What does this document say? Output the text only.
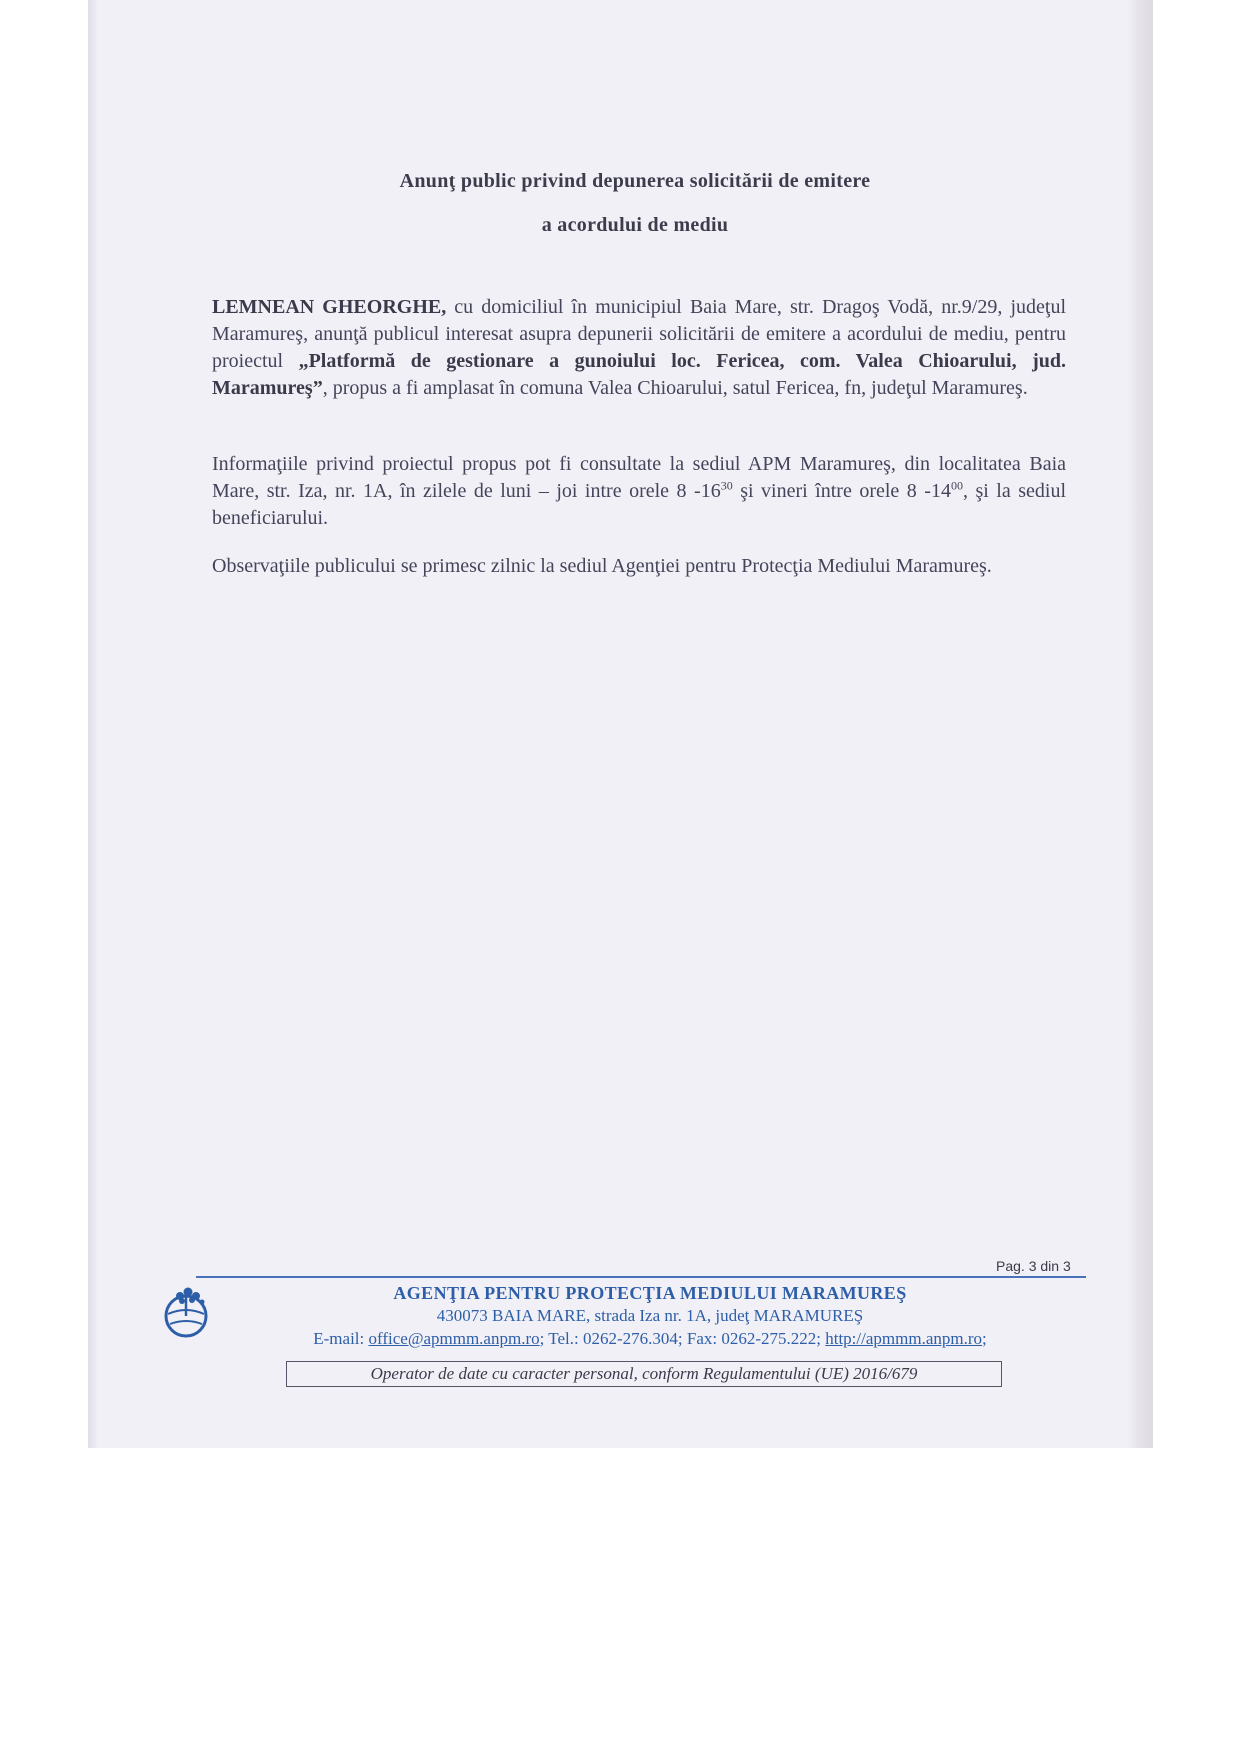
Anunţ public privind depunerea solicitării de emitere
a acordului de mediu
LEMNEAN GHEORGHE, cu domiciliul în municipiul Baia Mare, str. Dragoş Vodă, nr.9/29, judeţul Maramureş, anunţă publicul interesat asupra depunerii solicitării de emitere a acordului de mediu, pentru proiectul „Platformă de gestionare a gunoiului loc. Fericea, com. Valea Chioarului, jud. Maramureş”, propus a fi amplasat în comuna Valea Chioarului, satul Fericea, fn, judeţul Maramureş.
Informaţiile privind proiectul propus pot fi consultate la sediul APM Maramureş, din localitatea Baia Mare, str. Iza, nr. 1A, în zilele de luni – joi intre orele 8 $-16^{30}$ şi vineri între orele 8 $-14^{00}$, şi la sediul beneficiarului.
Observaţiile publicului se primesc zilnic la sediul Agenţiei pentru Protecţia Mediului Maramureş.
Pag. 3 din 3
AGENŢIA PENTRU PROTECŢIA MEDIULUI MARAMUREŞ
430073 BAIA MARE, strada Iza nr. 1A, judeţ MARAMUREŞ
E-mail: office@apmmm.anpm.ro; Tel.: 0262-276.304; Fax: 0262-275.222; http://apmmm.anpm.ro;
Operator de date cu caracter personal, conform Regulamentului (UE) 2016/679
